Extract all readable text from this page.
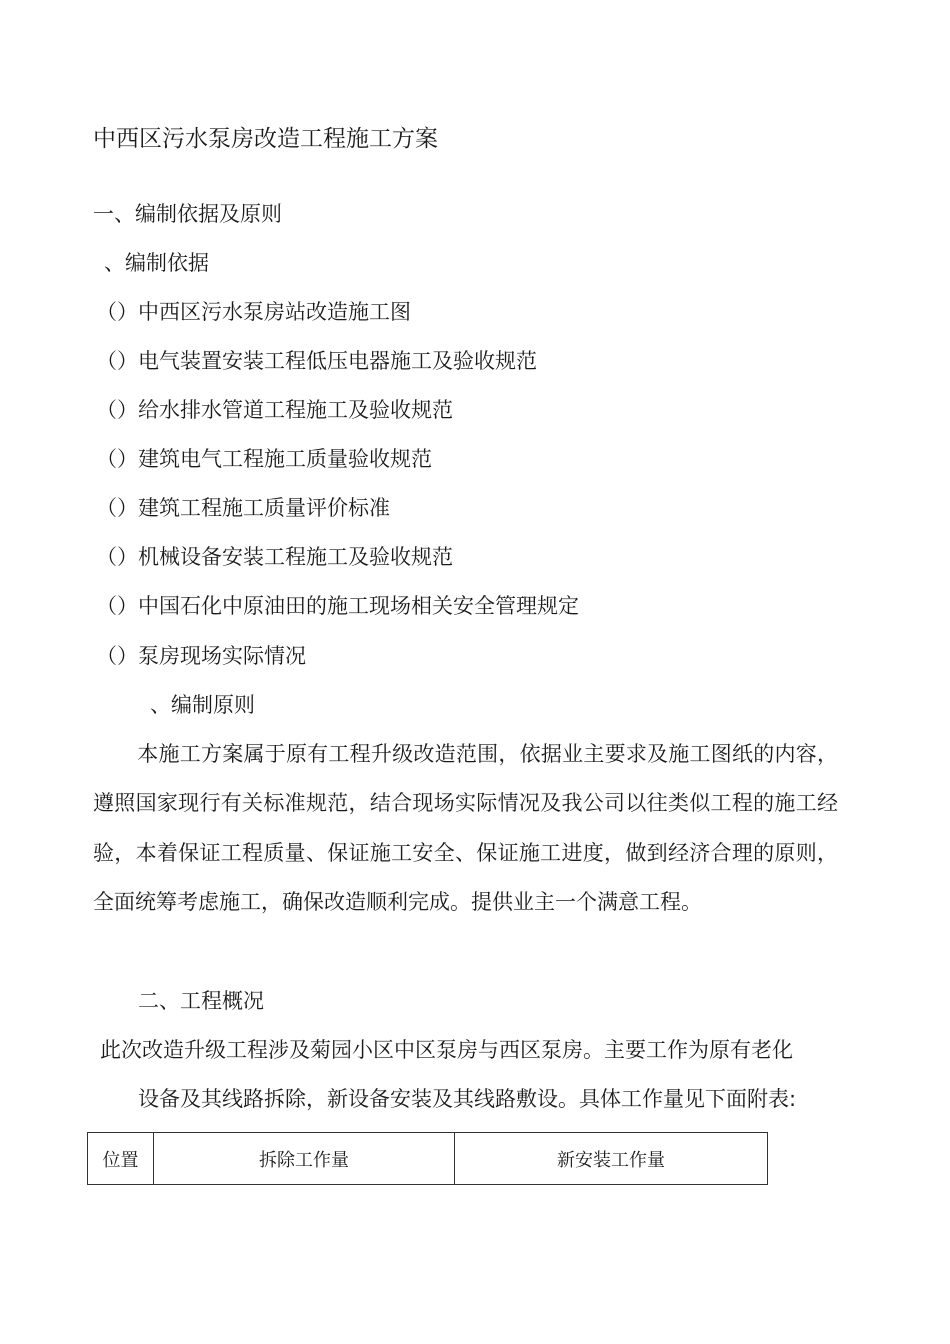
中西区污水泵房改造工程施工方案
一、编制依据及原则
、编制依据
（）中西区污水泵房站改造施工图
（）电气装置安装工程低压电器施工及验收规范
（）给水排水管道工程施工及验收规范
（）建筑电气工程施工质量验收规范
（）建筑工程施工质量评价标准
（）机械设备安装工程施工及验收规范
（）中国石化中原油田的施工现场相关安全管理规定
（）泵房现场实际情况
、编制原则
本施工方案属于原有工程升级改造范围，依据业主要求及施工图纸的内容，遵照国家现行有关标准规范，结合现场实际情况及我公司以往类似工程的施工经验，本着保证工程质量、保证施工安全、保证施工进度，做到经济合理的原则，全面统筹考虑施工，确保改造顺利完成。提供业主一个满意工程。
二、工程概况
此次改造升级工程涉及菊园小区中区泵房与西区泵房。主要工作为原有老化
设备及其线路拆除，新设备安装及其线路敷设。具体工作量见下面附表:
位置	拆除工作量	新安装工作量
